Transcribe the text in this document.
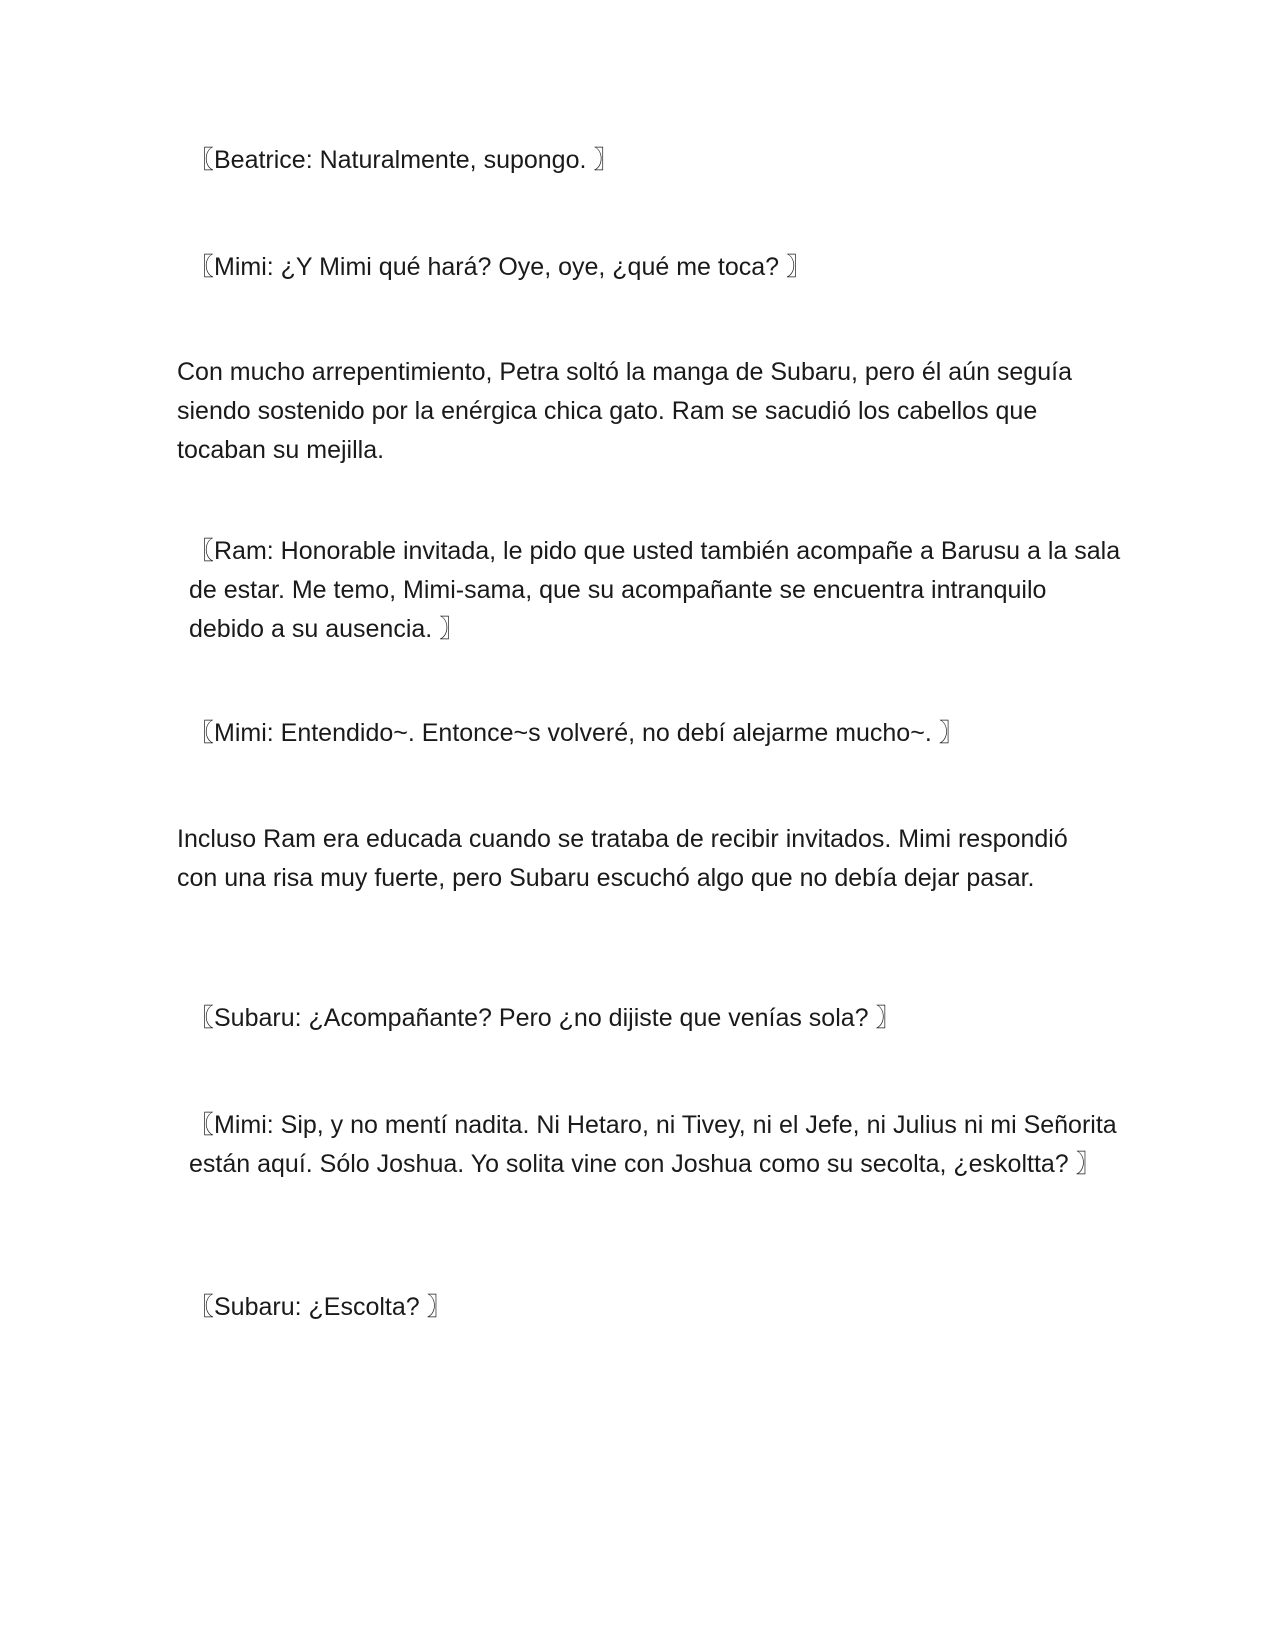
〖Beatrice: Naturalmente, supongo. 〗

〖Mimi: ¿Y Mimi qué hará? Oye, oye, ¿qué me toca? 〗

Con mucho arrepentimiento, Petra soltó la manga de Subaru, pero él aún seguía siendo sostenido por la enérgica chica gato. Ram se sacudió los cabellos que tocaban su mejilla.

〖Ram: Honorable invitada, le pido que usted también acompañe a Barusu a la sala de estar. Me temo, Mimi-sama, que su acompañante se encuentra intranquilo debido a su ausencia. 〗

〖Mimi: Entendido~. Entonce~s volveré, no debí alejarme mucho~. 〗

Incluso Ram era educada cuando se trataba de recibir invitados. Mimi respondió con una risa muy fuerte, pero Subaru escuchó algo que no debía dejar pasar.

〖Subaru: ¿Acompañante? Pero ¿no dijiste que venías sola? 〗

〖Mimi: Sip, y no mentí nadita. Ni Hetaro, ni Tivey, ni el Jefe, ni Julius ni mi Señorita están aquí. Sólo Joshua. Yo solita vine con Joshua como su secolta, ¿eskoltta? 〗

〖Subaru: ¿Escolta? 〗
